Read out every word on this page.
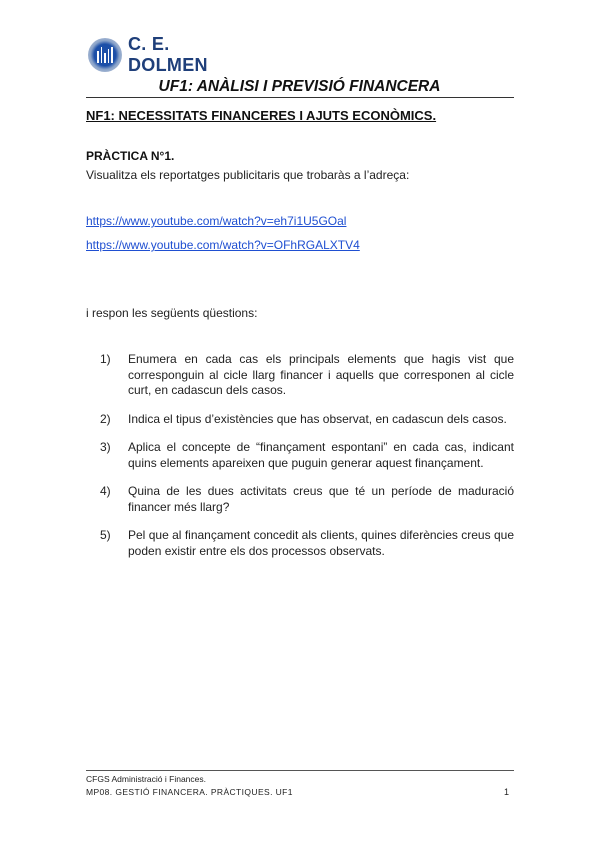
C. E. DOLMEN
UF1: ANÀLISI I PREVISIÓ FINANCERA
NF1: NECESSITATS FINANCERES I AJUTS ECONÒMICS.
PRÀCTICA N°1.
Visualitza els reportatges publicitaris que trobaràs a l’adreça:
https://www.youtube.com/watch?v=eh7i1U5GOal
https://www.youtube.com/watch?v=OFhRGALXTV4
i respon les següents qüestions:
1)	Enumera en cada cas els principals elements que hagis vist que corresponguin al cicle llarg financer i aquells que corresponen al cicle curt, en cadascun dels casos.
2)	Indica el tipus d’existències que has observat, en cadascun dels casos.
3)	Aplica el concepte de “finançament espontani” en cada cas, indicant quins elements apareixen que puguin generar aquest finançament.
4)	Quina de les dues activitats creus que té un període de maduració financer més llarg?
5)	Pel que al finançament concedit als clients, quines diferències creus que poden existir entre els dos processos observats.
CFGS Administració i Finances.
MP08. GESTIÓ FINANCERA. PRÀCTIQUES. UF1	1
